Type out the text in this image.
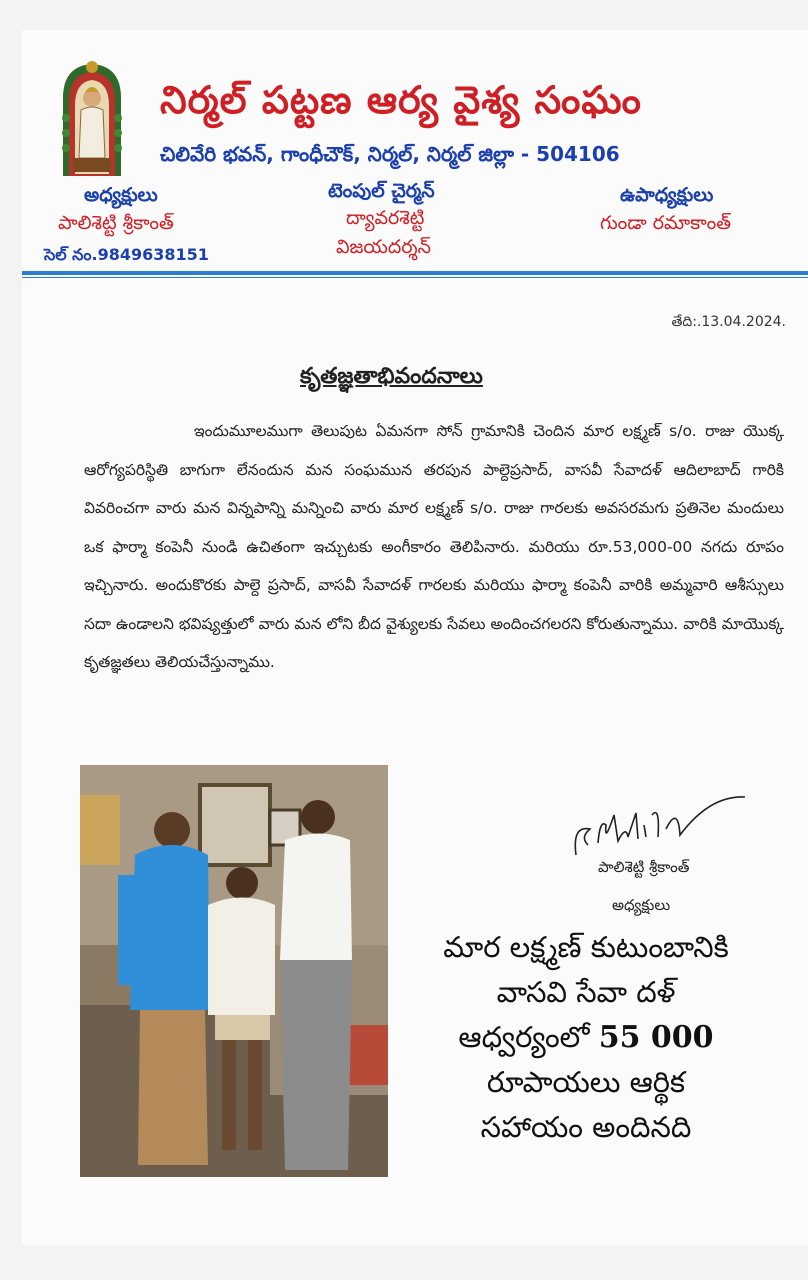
నిర్మల్ పట్టణ ఆర్య వైశ్య సంఘం
చిలివేరి భవన్, గాంధీచౌక్, నిర్మల్, నిర్మల్ జిల్లా - 504106
అధ్యక్షులు
పాలిశెట్టి శ్రీకాంత్
సెల్ నం.9849638151
టెంపుల్ చైర్మన్
ద్యావరశెట్టి
విజయదర్శన్
ఉపాధ్యక్షులు
గుండా రమాకాంత్
తేది:.13.04.2024.
కృతజ్ఞతాభివందనాలు
ఇందుమూలముగా తెలుపుట ఏమనగా సోన్ గ్రామానికి చెందిన మార లక్ష్మణ్ s/o. రాజు యొక్క ఆరోగ్యపరిస్థితి బాగుగా లేనందున మన సంఘమున తరపున పాల్దెప్రసాద్, వాసవీ సేవాదళ్ ఆదిలాబాద్ గారికి వివరించగా వారు మన విన్నపాన్ని మన్నించి వారు మార లక్ష్మణ్ s/o. రాజు గారలకు అవసరమగు ప్రతినెల మందులు ఒక ఫార్మా కంపెనీ నుండి ఉచితంగా ఇచ్చుటకు అంగీకారం తెలిపినారు. మరియు రూ.53,000-00 నగదు రూపం ఇచ్చినారు. అందుకొరకు పాల్దె ప్రసాద్, వాసవీ సేవాదళ్ గారలకు మరియు ఫార్మా కంపెనీ వారికి అమ్మవారి ఆశీస్సులు సదా ఉండాలని భవిష్యత్తులో వారు మన లోని బీద వైశ్యులకు సేవలు అందించగలరని కోరుతున్నాము. వారికి మాయొక్క కృతజ్ఞతలు తెలియచేస్తున్నాము.
పాలిశెట్టి శ్రీకాంత్
అధ్యక్షులు
మార లక్ష్మణ్ కుటుంబానికి
వాసవి సేవా దళ్
ఆధ్వర్యంలో 55 000
రూపాయలు ఆర్థిక
సహాయం అందినది
